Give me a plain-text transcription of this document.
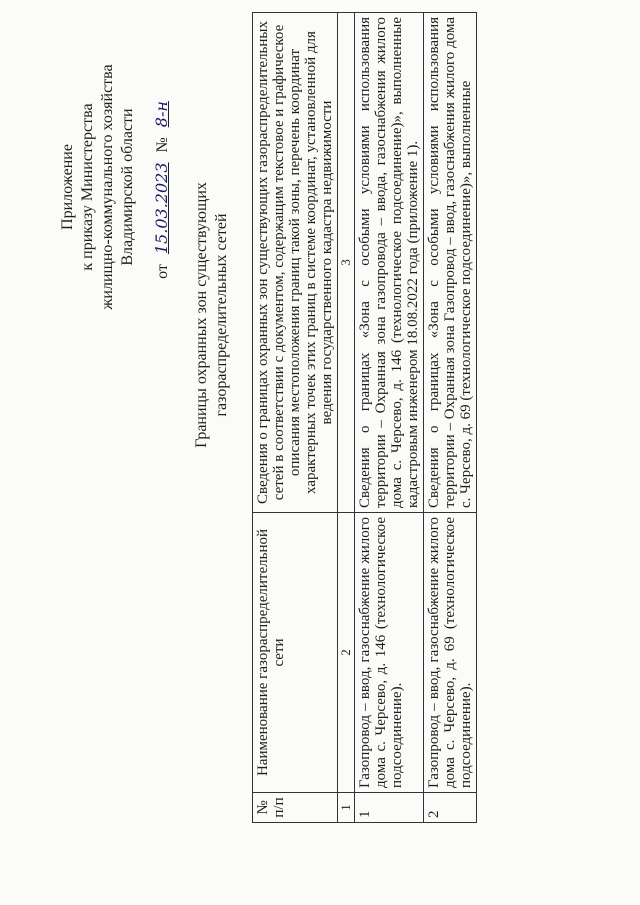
Приложение к приказу Министерства жилищно-коммунального хозяйства Владимирской области
от 15.03.2023 № 8-н
Границы охранных зон существующих газораспределительных сетей
№ п/п	Наименование газораспределительной сети	Сведения о границах охранных зон существующих газораспределительных сетей в соответствии с документом, содержащим текстовое и графическое описания местоположения границ такой зоны, перечень координат характерных точек этих границ в системе координат, установленной для ведения государственного кадастра недвижимости
1	2	3
1	Газопровод – ввод, газоснабжение жилого дома с. Черсево, д. 146 (технологическое подсоединение).	Сведения о границах «Зона с особыми условиями использования территории – Охранная зона газопровода – ввода, газоснабжения жилого дома с. Черсево, д. 146 (технологическое подсоединение)», выполненные кадастровым инженером 18.08.2022 года (приложение 1).
2	Газопровод – ввод, газоснабжение жилого дома с. Черсево, д. 69 (технологическое подсоединение).	Сведения о границах «Зона с особыми условиями использования территории – Охранная зона Газопровод – ввод, газоснабжения жилого дома с. Черсево, д. 69 (технологическое подсоединение)», выполненные
